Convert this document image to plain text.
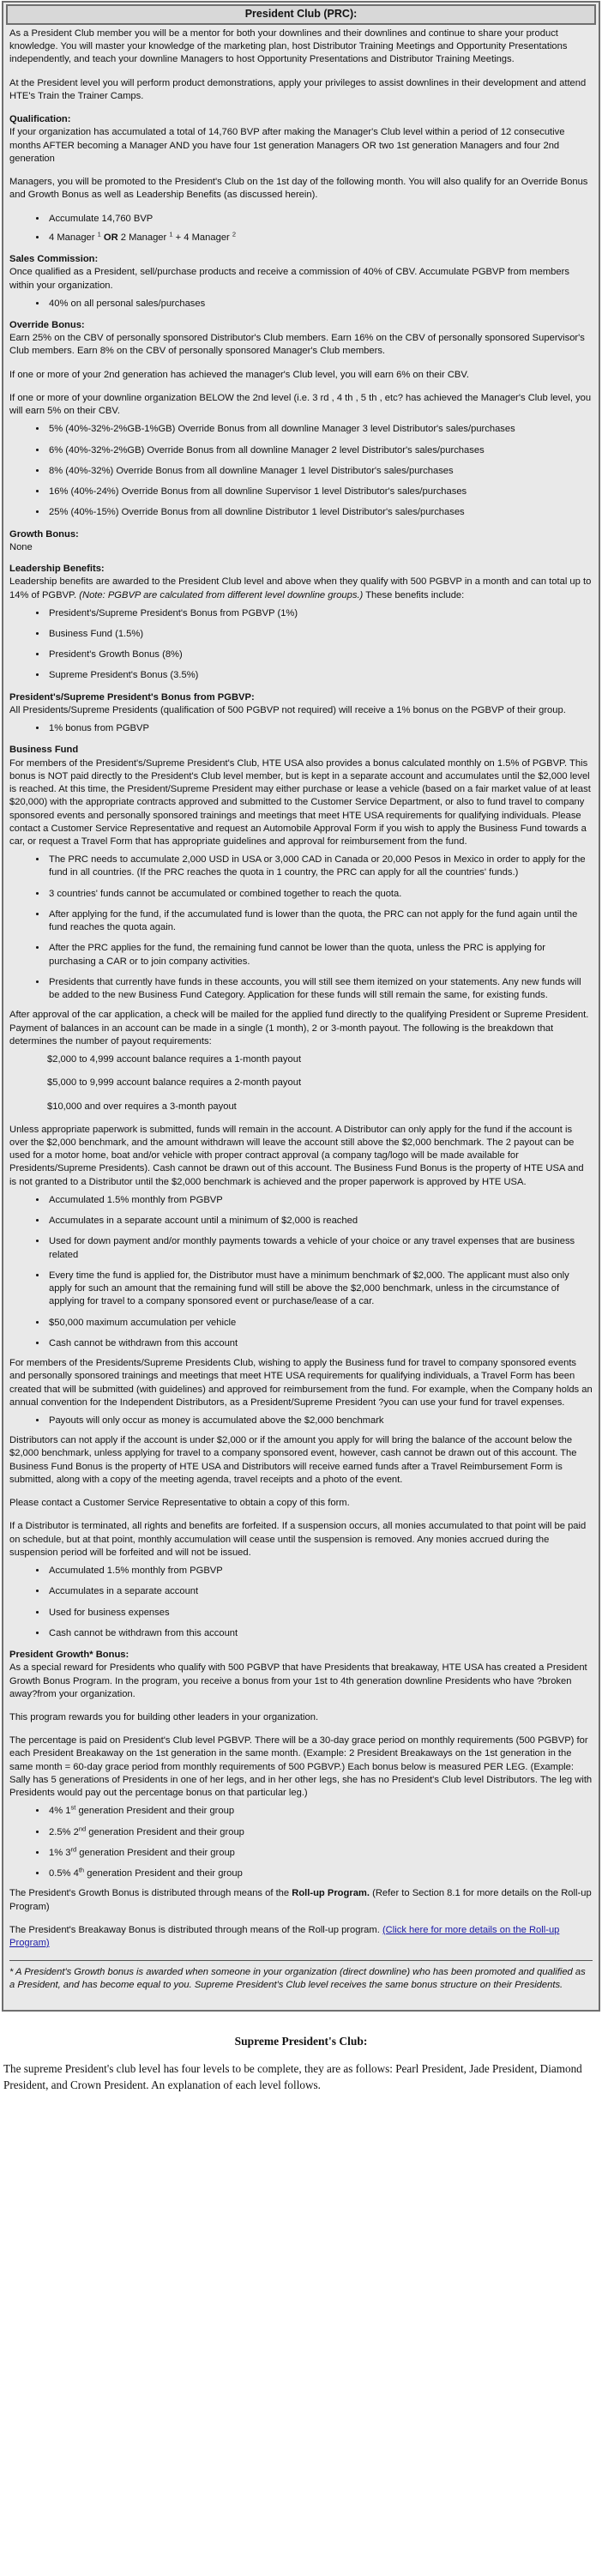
President Club (PRC):

As a President Club member you will be a mentor for both your downlines and their downlines and continue to share your product knowledge. You will master your knowledge of the marketing plan, host Distributor Training Meetings and Opportunity Presentations independently, and teach your downline Managers to host Opportunity Presentations and Distributor Training Meetings.

At the President level you will perform product demonstrations, apply your privileges to assist downlines in their development and attend HTE's Train the Trainer Camps.

Qualification:

If your organization has accumulated a total of 14,760 BVP after making the Manager's Club level within a period of 12 consecutive months AFTER becoming a Manager AND you have four 1st generation Managers OR two 1st generation Managers and four 2nd generation

Managers, you will be promoted to the President's Club on the 1st day of the following month. You will also qualify for an Override Bonus and Growth Bonus as well as Leadership Benefits (as discussed herein).

• Accumulate 14,760 BVP
• 4 Manager $^1$ OR 2 Manager $^1$ + 4 Manager $^2$
Sales Commission:

Once qualified as a President, sell/purchase products and receive a commission of 40% of CBV. Accumulate PGBVP from members within your organization.

• 40% on all personal sales/purchases
Override Bonus:

Earn 25% on the CBV of personally sponsored Distributor's Club members. Earn 16% on the CBV of personally sponsored Supervisor's Club members. Earn 8% on the CBV of personally sponsored Manager's Club members.

If one or more of your 2nd generation has achieved the manager's Club level, you will earn 6% on their CBV.

If one or more of your downline organization BELOW the 2nd level (i.e. 3 rd , 4 th , 5 th , etc? has achieved the Manager's Club level, you will earn 5% on their CBV.

• 5% (40%-32%-2%GB-1%GB) Override Bonus from all downline Manager 3 level Distributor's sales/purchases
• 6% (40%-32%-2%GB) Override Bonus from all downline Manager 2 level Distributor's sales/purchases
• 8% (40%-32%) Override Bonus from all downline Manager 1 level Distributor's sales/purchases
• 16% (40%-24%) Override Bonus from all downline Supervisor 1 level Distributor's sales/purchases
• 25% (40%-15%) Override Bonus from all downline Distributor 1 level Distributor's sales/purchases
Growth Bonus:
None
Leadership Benefits:

Leadership benefits are awarded to the President Club level and above when they qualify with 500 PGBVP in a month and can total up to 14% of PGBVP. (Note: PGBVP are calculated from different level downline groups.) These benefits include:

• President's/Supreme President's Bonus from PGBVP (1%)
• Business Fund (1.5%)
• President's Growth Bonus (8%)
• Supreme President's Bonus (3.5%)
President's/Supreme President's Bonus from PGBVP:

All Presidents/Supreme Presidents (qualification of 500 PGBVP not required) will receive a 1% bonus on the PGBVP of their group.

• 1% bonus from PGBVP
Business Fund

For members of the President's/Supreme President's Club, HTE USA also provides a bonus calculated monthly on 1.5% of PGBVP. This bonus is NOT paid directly to the President's Club level member, but is kept in a separate account and accumulates until the $2,000 level is reached. At this time, the President/Supreme President may either purchase or lease a vehicle (based on a fair market value of at least $20,000) with the appropriate contracts approved and submitted to the Customer Service Department, or also to fund travel to company sponsored events and personally sponsored trainings and meetings that meet HTE USA requirements for qualifying individuals. Please contact a Customer Service Representative and request an Automobile Approval Form if you wish to apply the Business Fund towards a car, or request a Travel Form that has appropriate guidelines and approval for reimbursement from the fund.

• The PRC needs to accumulate 2,000 USD in USA or 3,000 CAD in Canada or 20,000 Pesos in Mexico in order to apply for the fund in all countries. (If the PRC reaches the quota in 1 country, the PRC can apply for all the countries' funds.)
• 3 countries' funds cannot be accumulated or combined together to reach the quota.
• After applying for the fund, if the accumulated fund is lower than the quota, the PRC can not apply for the fund again until the fund reaches the quota again.
• After the PRC applies for the fund, the remaining fund cannot be lower than the quota, unless the PRC is applying for purchasing a CAR or to join company activities.
• Presidents that currently have funds in these accounts, you will still see them itemized on your statements. Any new funds will be added to the new Business Fund Category. Application for these funds will still remain the same, for existing funds.

After approval of the car application, a check will be mailed for the applied fund directly to the qualifying President or Supreme President. Payment of balances in an account can be made in a single (1 month), 2 or 3-month payout. The following is the breakdown that determines the number of payout requirements:

$2,000 to 4,999 account balance requires a 1-month payout
$5,000 to 9,999 account balance requires a 2-month payout
$10,000 and over requires a 3-month payout

Unless appropriate paperwork is submitted, funds will remain in the account. A Distributor can only apply for the fund if the account is over the $2,000 benchmark, and the amount withdrawn will leave the account still above the $2,000 benchmark. The 2 payout can be used for a motor home, boat and/or vehicle with proper contract approval (a company tag/logo will be made available for Presidents/Supreme Presidents). Cash cannot be drawn out of this account. The Business Fund Bonus is the property of HTE USA and is not granted to a Distributor until the $2,000 benchmark is achieved and the proper paperwork is approved by HTE USA.

• Accumulated 1.5% monthly from PGBVP
• Accumulates in a separate account until a minimum of $2,000 is reached
• Used for down payment and/or monthly payments towards a vehicle of your choice or any travel expenses that are business related
• Every time the fund is applied for, the Distributor must have a minimum benchmark of $2,000. The applicant must also only apply for such an amount that the remaining fund will still be above the $2,000 benchmark, unless in the circumstance of applying for travel to a company sponsored event or purchase/lease of a car.
• $50,000 maximum accumulation per vehicle
• Cash cannot be withdrawn from this account

For members of the Presidents/Supreme Presidents Club, wishing to apply the Business fund for travel to company sponsored events and personally sponsored trainings and meetings that meet HTE USA requirements for qualifying individuals, a Travel Form has been created that will be submitted (with guidelines) and approved for reimbursement from the fund. For example, when the Company holds an annual convention for the Independent Distributors, as a President/Supreme President ?you can use your fund for travel expenses.

• Payouts will only occur as money is accumulated above the $2,000 benchmark

Distributors can not apply if the account is under $2,000 or if the amount you apply for will bring the balance of the account below the $2,000 benchmark, unless applying for travel to a company sponsored event, however, cash cannot be drawn out of this account. The Business Fund Bonus is the property of HTE USA and Distributors will receive earned funds after a Travel Reimbursement Form is submitted, along with a copy of the meeting agenda, travel receipts and a photo of the event.

Please contact a Customer Service Representative to obtain a copy of this form.

If a Distributor is terminated, all rights and benefits are forfeited. If a suspension occurs, all monies accumulated to that point will be paid on schedule, but at that point, monthly accumulation will cease until the suspension is removed. Any monies accrued during the suspension period will be forfeited and will not be issued.

• Accumulated 1.5% monthly from PGBVP
• Accumulates in a separate account
• Used for business expenses
• Cash cannot be withdrawn from this account
President Growth* Bonus:

As a special reward for Presidents who qualify with 500 PGBVP that have Presidents that breakaway, HTE USA has created a President Growth Bonus Program. In the program, you receive a bonus from your 1st to 4th generation downline Presidents who have ?broken away?from your organization.

This program rewards you for building other leaders in your organization.

The percentage is paid on President's Club level PGBVP. There will be a 30-day grace period on monthly requirements (500 PGBVP) for each President Breakaway on the 1st generation in the same month. (Example: 2 President Breakaways on the 1st generation in the same month = 60-day grace period from monthly requirements of 500 PGBVP.) Each bonus below is measured PER LEG. (Example: Sally has 5 generations of Presidents in one of her legs, and in her other legs, she has no President's Club level Distributors. The leg with Presidents would pay out the percentage bonus on that particular leg.)

• 4% 1st generation President and their group
• 2.5% 2nd generation President and their group
• 1% 3rd generation President and their group
• 0.5% 4th generation President and their group

The President's Growth Bonus is distributed through means of the Roll-up Program. (Refer to Section 8.1 for more details on the Roll-up Program)

The President's Breakaway Bonus is distributed through means of the Roll-up program. (Click here for more details on the Roll-up Program)

* A President's Growth bonus is awarded when someone in your organization (direct downline) who has been promoted and qualified as a President, and has become equal to you. Supreme President's Club level receives the same bonus structure on their Presidents.

Supreme President's Club:

The supreme President's club level has four levels to be complete, they are as follows: Pearl President, Jade President, Diamond President, and Crown President. An explanation of each level follows.
